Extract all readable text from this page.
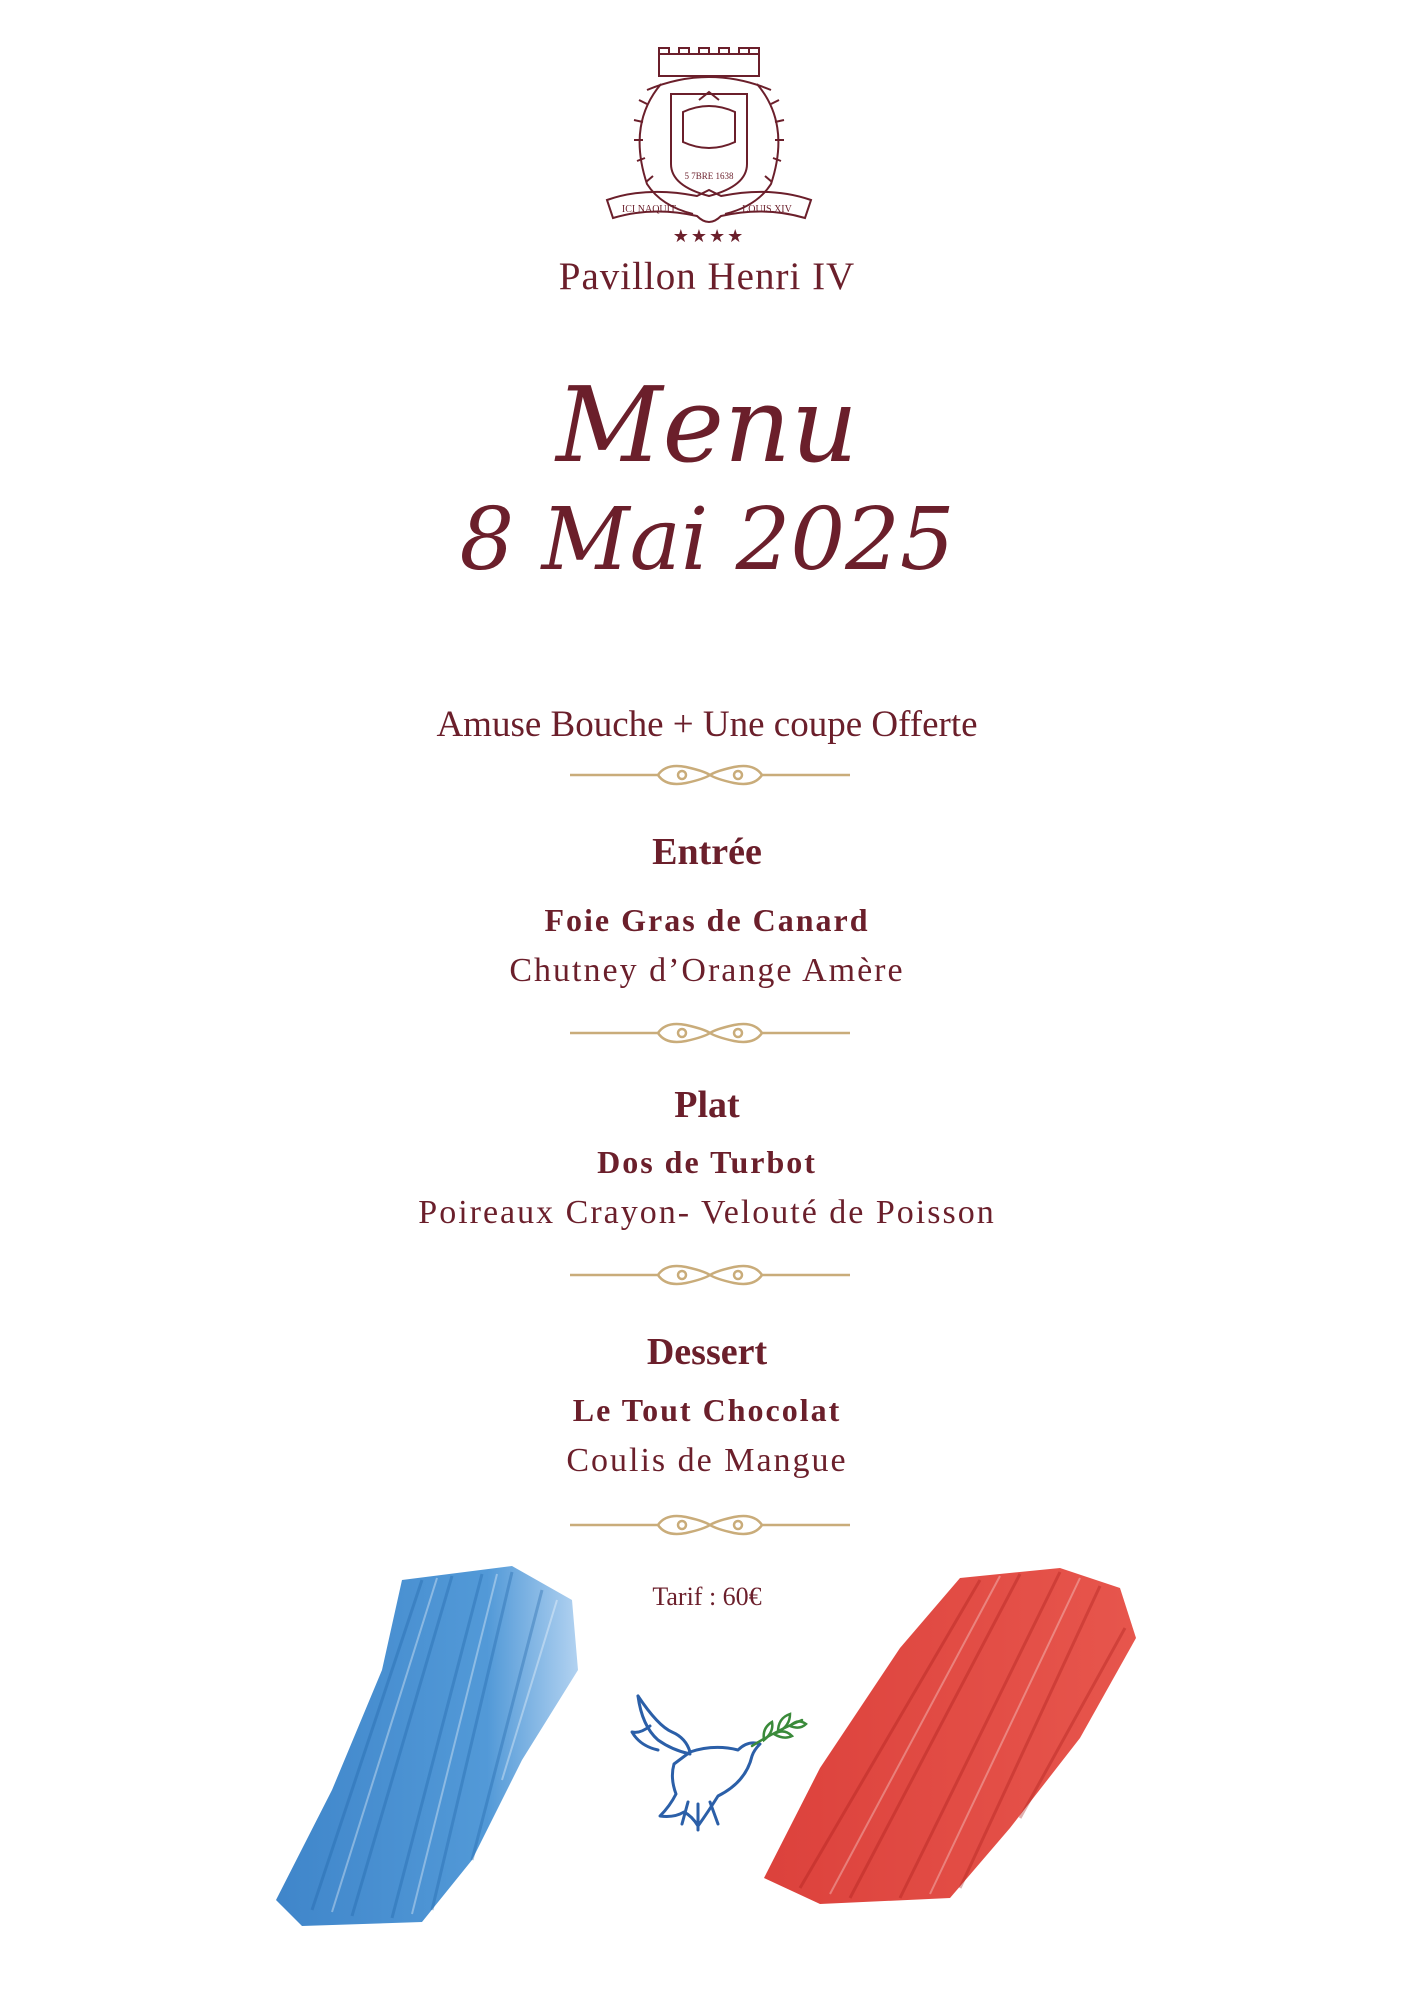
5 7BRE 1638
ICI NAQUIT	LOUIS XIV
★★★★
Pavillon Henri IV
Menu
8 Mai 2025
Amuse Bouche + Une coupe Offerte
Entrée
Foie Gras de Canard
Chutney d’Orange Amère
Plat
Dos de Turbot
Poireaux Crayon- Velouté de Poisson
Dessert
Le Tout Chocolat
Coulis de Mangue
Tarif : 60€
